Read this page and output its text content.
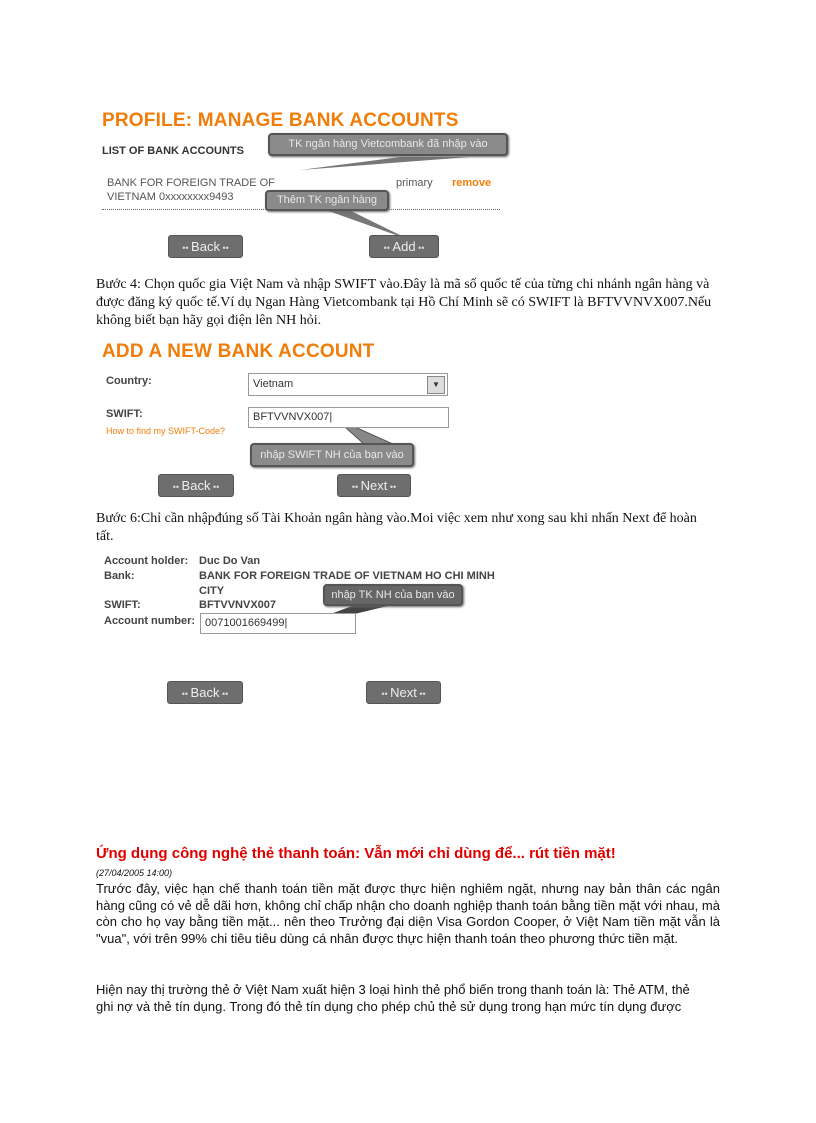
PROFILE: MANAGE BANK ACCOUNTS
LIST OF BANK ACCOUNTS
TK ngân hàng Vietcombank đã nhập vào
BANK FOR FOREIGN TRADE OF
VIETNAM 0xxxxxxxx9493
primary remove
Thêm TK ngân hàng
•• Back ••	•• Add ••
Bước 4: Chọn quốc gia Việt Nam và nhập SWIFT vào.Đây là mã số quốc tế của từng chi nhánh ngân hàng và được đăng ký quốc tế.Ví dụ Ngan Hàng Vietcombank tại Hồ Chí Minh sẽ có SWIFT là BFTVVNVX007.Nếu không biết bạn hãy gọi điện lên NH hỏi.
ADD A NEW BANK ACCOUNT
Country:	Vietnam	▼
SWIFT:
How to find my SWIFT-Code?
BFTVVNVX007|
nhập SWIFT NH của bạn vào
•• Back ••	•• Next ••
Bước 6:Chỉ cần nhậpđúng số Tài Khoản ngân hàng vào.Moi việc xem như xong sau khi nhấn Next để hoàn tất.
Account holder: Duc Do Van
Bank:	BANK FOR FOREIGN TRADE OF VIETNAM HO CHI MINH
CITY
SWIFT:	BFTVVNVX007
Account number: 0071001669499|
nhập TK NH của bạn vào
•• Back ••	•• Next ••
Ứng dụng công nghệ thẻ thanh toán: Vẫn mới chỉ dùng để... rút tiền mặt!
(27/04/2005 14:00)
Trước đây, việc hạn chế thanh toán tiền mặt được thực hiện nghiêm ngặt, nhưng nay bản thân các ngân hàng cũng có vẻ dễ dãi hơn, không chỉ chấp nhận cho doanh nghiệp thanh toán bằng tiền mặt với nhau, mà còn cho họ vay bằng tiền mặt... nên theo Trưởng đại diện Visa Gordon Cooper, ở Việt Nam tiền mặt vẫn là "vua", với trên 99% chi tiêu tiêu dùng cá nhân được thực hiện thanh toán theo phương thức tiền mặt.
Hiện nay thị trường thẻ ở Việt Nam xuất hiện 3 loại hình thẻ phổ biến trong thanh toán là: Thẻ ATM, thẻ ghi nợ và thẻ tín dụng. Trong đó thẻ tín dụng cho phép chủ thẻ sử dụng trong hạn mức tín dụng được
